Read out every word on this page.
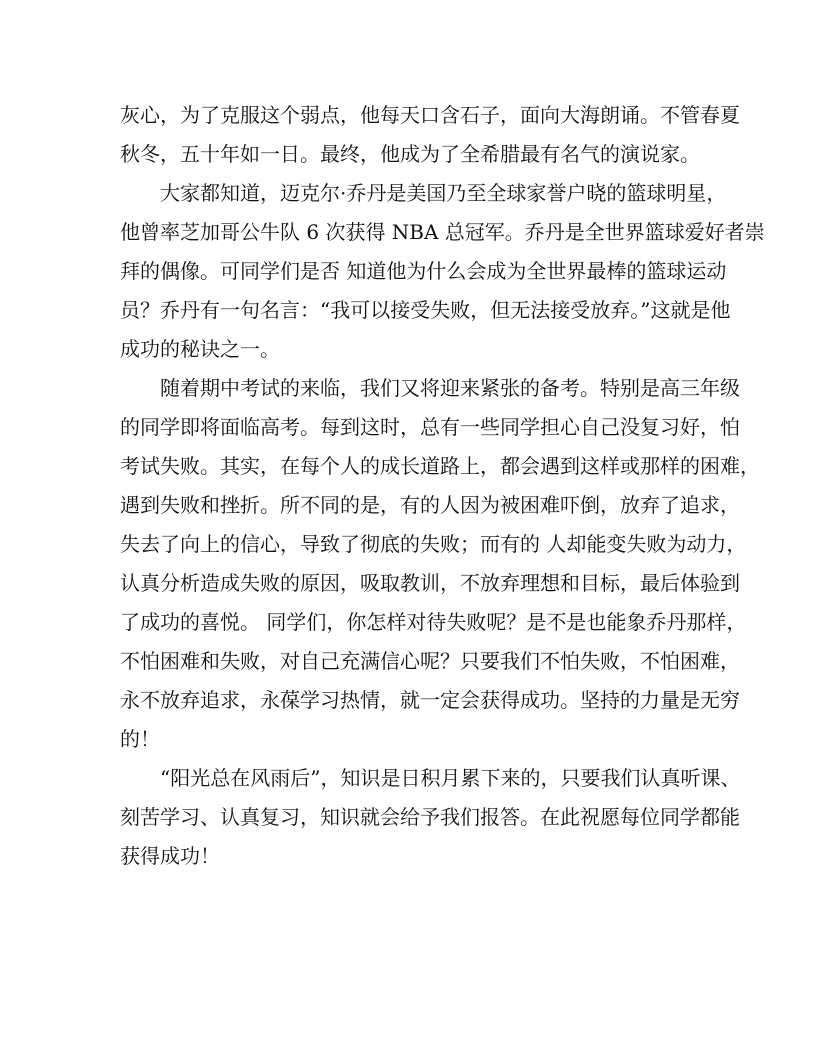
灰心，为了克服这个弱点，他每天口含石子，面向大海朗诵。不管春夏
秋冬，五十年如一日。最终，他成为了全希腊最有名气的演说家。
大家都知道，迈克尔·乔丹是美国乃至全球家誉户晓的篮球明星，
他曾率芝加哥公牛队 6 次获得 NBA 总冠军。乔丹是全世界篮球爱好者崇
拜的偶像。可同学们是否 知道他为什么会成为全世界最棒的篮球运动
员？乔丹有一句名言：“我可以接受失败，但无法接受放弃。”这就是他
成功的秘诀之一。
随着期中考试的来临，我们又将迎来紧张的备考。特别是高三年级
的同学即将面临高考。每到这时，总有一些同学担心自己没复习好，怕
考试失败。其实，在每个人的成长道路上，都会遇到这样或那样的困难，
遇到失败和挫折。所不同的是，有的人因为被困难吓倒，放弃了追求，
失去了向上的信心，导致了彻底的失败；而有的 人却能变失败为动力，
认真分析造成失败的原因，吸取教训，不放弃理想和目标，最后体验到
了成功的喜悦。 同学们，你怎样对待失败呢？是不是也能象乔丹那样，
不怕困难和失败，对自己充满信心呢？只要我们不怕失败，不怕困难，
永不放弃追求，永葆学习热情，就一定会获得成功。坚持的力量是无穷
的！
“阳光总在风雨后”，知识是日积月累下来的，只要我们认真听课、
刻苦学习、认真复习，知识就会给予我们报答。在此祝愿每位同学都能
获得成功！
